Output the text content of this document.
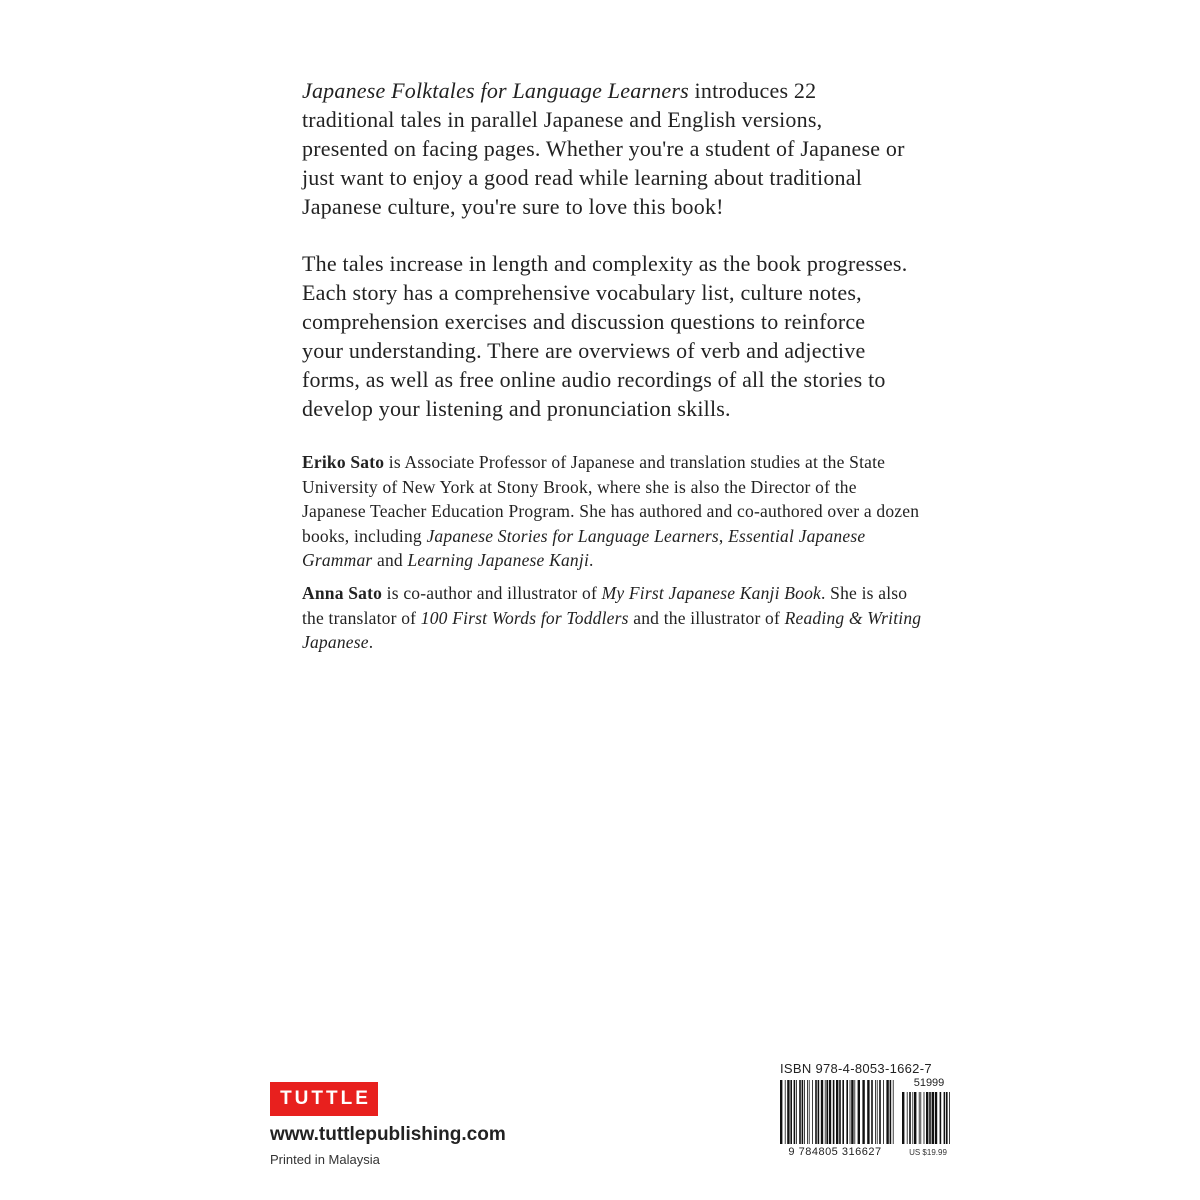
Japanese Folktales for Language Learners introduces 22 traditional tales in parallel Japanese and English versions, presented on facing pages. Whether you're a student of Japanese or just want to enjoy a good read while learning about traditional Japanese culture, you're sure to love this book!

The tales increase in length and complexity as the book progresses. Each story has a comprehensive vocabulary list, culture notes, comprehension exercises and discussion questions to reinforce your understanding. There are overviews of verb and adjective forms, as well as free online audio recordings of all the stories to develop your listening and pronunciation skills.

Eriko Sato is Associate Professor of Japanese and translation studies at the State University of New York at Stony Brook, where she is also the Director of the Japanese Teacher Education Program. She has authored and co-authored over a dozen books, including Japanese Stories for Language Learners, Essential Japanese Grammar and Learning Japanese Kanji.

Anna Sato is co-author and illustrator of My First Japanese Kanji Book. She is also the translator of 100 First Words for Toddlers and the illustrator of Reading & Writing Japanese.

TUTTLE
www.tuttlepublishing.com
Printed in Malaysia
ISBN 978-4-8053-1662-7
9 784805 316627
51999
US $19.99
